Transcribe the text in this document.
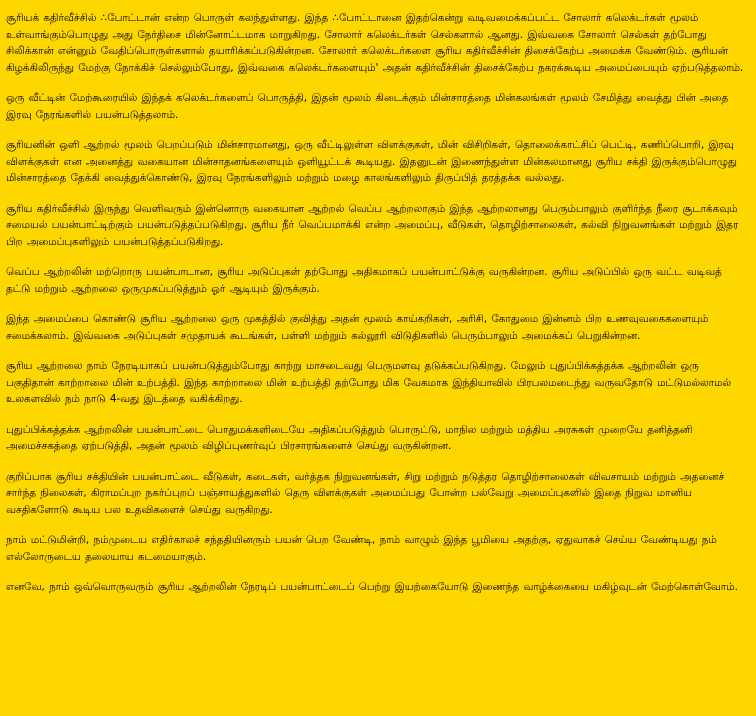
சூரியக் கதிர்வீச்சில் ∴போட்டான் என்ற பொருள் கலந்துள்ளது. இந்த ∴போட்டானை இதற்கென்று வடிவமைக்கப்பட்ட சோலார் கலெக்டர்கள் மூலம் உள்வாங்கும்பொழுது அது நேர்திசை மின்னோட்டமாக மாறுகிறது. சோலார் கலெக்டர்கள் செல்களால் ஆனது. இவ்வகை சோலார் செல்கள் தற்போது சிலிக்கான் என்னும் வேதிப்பொருள்களால் தயாரிக்கப்படுகின்றன. சோலார் கலெக்டர்களை சூரிய கதிர்வீச்சின் திசைக்கேற்ப அமைக்க வேண்டும். சூரியன் கிழக்கிலிருந்து மேற்கு நோக்கிச் செல்லும்போது, இவ்வகை கலெக்டர்களையும்' அதன் கதிர்வீச்சின் திசைக்கேற்ப நகரக்கூடிய அமைப்பையும் ஏற்படுத்தலாம்.

ஒரு வீட்டின் மேற்கூரையில் இந்தக் கலெக்டர்களைப் பொருத்தி, இதன் மூலம் கிடைக்கும் மின்சாரத்தை மின்கலங்கள் மூலம் சேமித்து வைத்து பின் அதை இரவு நேரங்களில் பயன்படுத்தலாம்.

சூரியனின் ஒளி ஆற்றல் மூலம் பெறப்படும் மின்சாரமானது, ஒரு வீட்டிலுள்ள விளக்குகள், மின் விசிறிகள், தொலைக்காட்சிப் பெட்டி, கணிப்பொறி, இரவு விளக்குகள் என அனைத்து வகையான மின்சாதனங்களையும் ஒளியூட்டக் கூடியது. இதனுடன் இணைந்துள்ள மின்கலமானது சூரிய சக்தி இருக்கும்பொழுது மின்சாரத்தை தேக்கி வைத்துக்கொண்டு, இரவு நேரங்களிலும் மற்றும் மழை காலங்களிலும் திருப்பித் தரத்தக்க வல்லது.

சூரிய கதிர்வீச்சில் இருந்து வெளிவரும் இன்னொரு வகையான ஆற்றல் வெப்ப ஆற்றலாகும் இந்த ஆற்றலானது பெரும்பாலும் குளிர்ந்த நீரை சூடாக்கவும் சமையல் பயன்பாட்டிற்கும் பயன்படுத்தப்படுகிறது. சூரிய நீர் வெப்பமாக்கி என்ற அமைப்பு, வீடுகள், தொழிற்சாலைகள், கல்வி நிறுவனங்கள் மற்றும் இதர பிற அமைப்புகளிலும் பயன்படுத்தப்படுகிறது.

வெப்ப ஆற்றலின் மற்றொரு பயன்பாடான, சூரிய அடுப்புகள் தற்போது அதிகமாகப் பயன்பாட்டுக்கு வருகின்றன. சூரிய அடுப்பில் ஒரு வட்ட வடிவத் தட்டு மற்றும் ஆற்றலை ஒருமுகப்படுத்தும் ஓர் ஆடியும் இருக்கும்.

இந்த அமைப்பை கொண்டு சூரிய ஆற்றலை ஒரு முகத்தில் குவித்து அதன் மூலம் காய்கறிகள், அரிசி, கோதுமை இன்னம் பிற உணவுவகைகளையும் சமைக்கலாம். இவ்வகை அடுப்புகள் சமுதாயக் கூடங்கள், பள்ளி மற்றும் கல்லூரி விடுதிகளில் பெரும்பாலும் அமைக்கப் பெறுகின்றன.

சூரிய ஆற்றலை நாம் நேரடியாகப் பயன்படுத்தும்போது காற்று மாசடைவது பெருமளவு தடுக்கப்படுகிறது. மேலும் புதுப்பிக்கத்தக்க ஆற்றலின் ஒரு பகுதிதான் காற்றாலை மின் உற்பத்தி. இந்த காற்றாலை மின் உற்பத்தி தற்போது மிக வேகமாக இந்தியாவில் பிரபலமடைந்து வருவதோடு மட்டுமல்லாமல் உலகளவில் நம் நாடு 4-வது இடத்தை வகிக்கிறது.

புதுப்பிக்கத்தக்க ஆற்றலின் பயன்பாட்டை பொதுமக்களிடையே அதிகப்படுத்தும் பொருட்டு, மாநில மற்றும் மத்திய அரசுகள் முறையே தனித்தனி அமைச்சகத்தை ஏற்படுத்தி, அதன் மூலம் விழிப்புணர்வுப் பிரசாரங்களைச் செய்து வருகின்றன.

குறிப்பாக சூரிய சக்தியின் பயன்பாட்டை வீடுகள், கடைகள், வர்த்தக நிறுவனங்கள், சிறு மற்றும் நடுத்தர தொழிற்சாலைகள் விவசாயம் மற்றும் அதனைச் சார்ந்த நிலைகள், கிராமப்புற நகர்ப்புறப் பஞ்சாயத்துகளில் தெரு விளக்குகள் அமைப்பது போன்ற பல்வேறு அமைப்புகளில் இதை நிறுவ மானிய வசதிகளோடு கூடிய பல உதவிகளைச் செய்து வருகிறது.

நாம் மட்டுமின்றி, நம்முடைய எதிர்காலச் சந்ததியினரும் பயன் பெற வேண்டி, நாம் வாழும் இந்த பூமியை அதற்கு, ஏதுவாகச் செய்ய வேண்டியது நம் எல்லோருடைய தலையாய கடமையாகும்.

எனவே, நாம் ஒவ்வொருவரும் சூரிய ஆற்றலின் நேரடிப் பயன்பாட்டைப் பெற்று இயற்கையோடு இணைந்த வாழ்க்கையை மகிழ்வுடன் மேற்கொள்வோம்.
